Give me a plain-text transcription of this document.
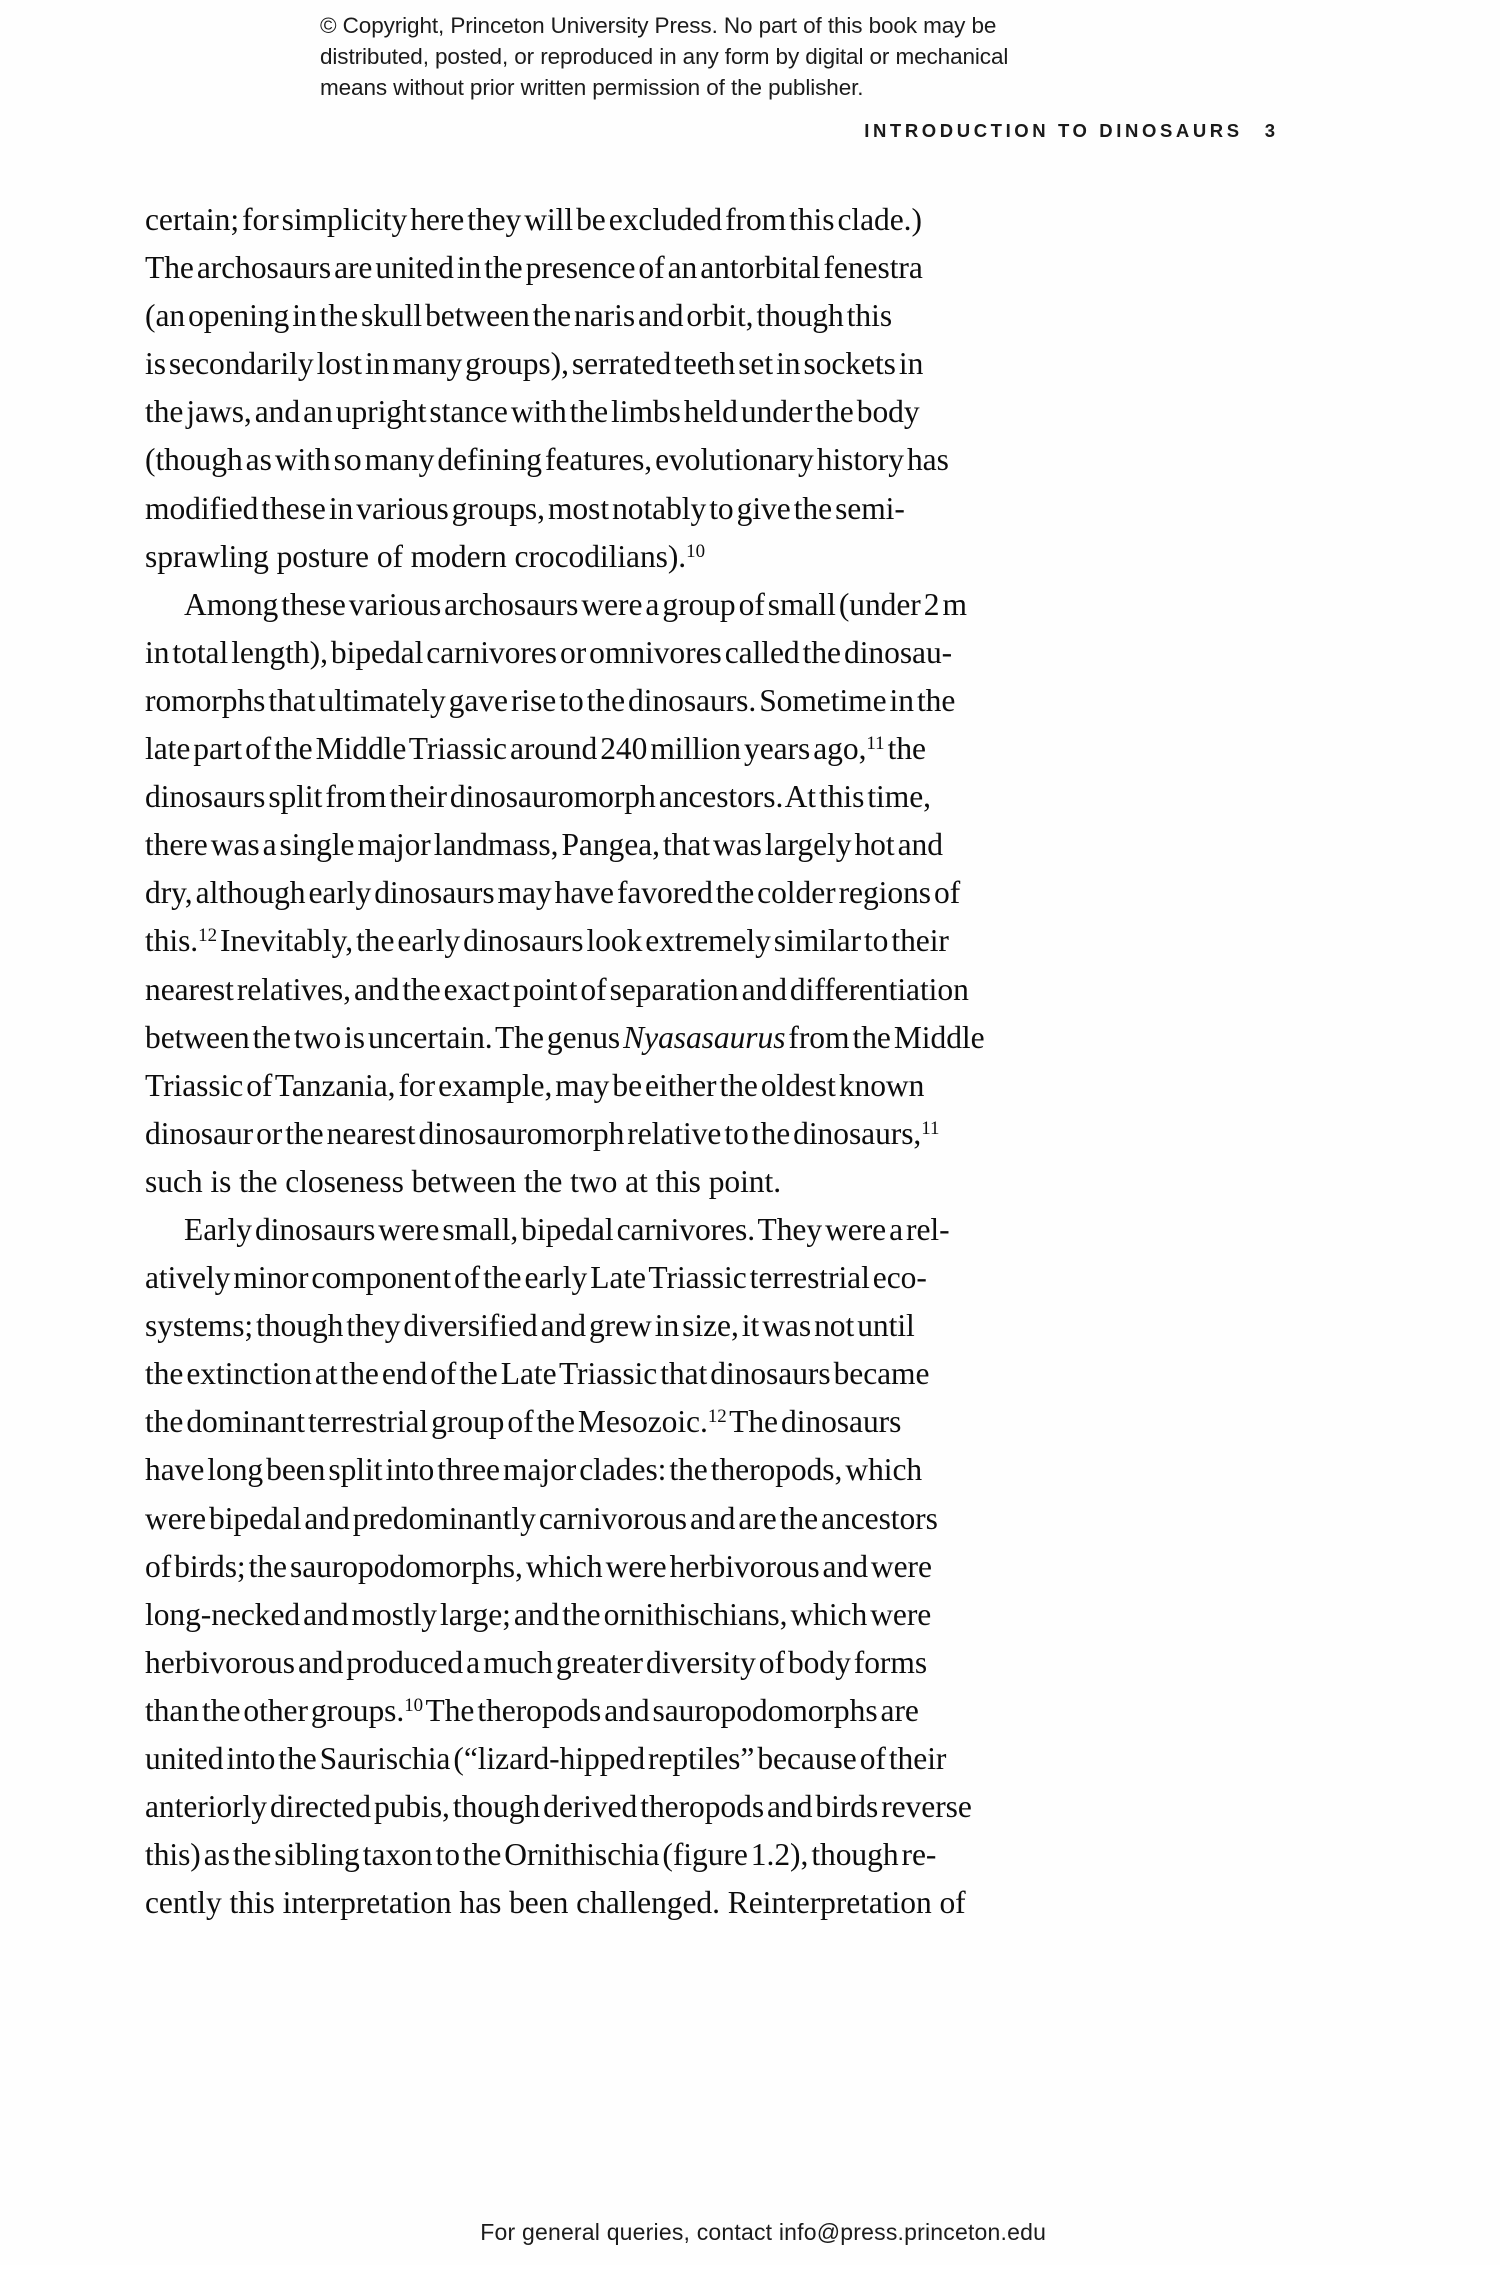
© Copyright, Princeton University Press. No part of this book may be
distributed, posted, or reproduced in any form by digital or mechanical
means without prior written permission of the publisher.
INTRODUCTION TO DINOSAURS 3
certain; for simplicity here they will be excluded from this clade.)
The archosaurs are united in the presence of an antorbital fenestra
(an opening in the skull between the naris and orbit, though this
is secondarily lost in many groups), serrated teeth set in sockets in
the jaws, and an upright stance with the limbs held under the body
(though as with so many defining features, evolutionary history has
modified these in various groups, most notably to give the semi-
sprawling posture of modern crocodilians).$^{10}$
Among these various archosaurs were a group of small (under 2 m
in total length), bipedal carnivores or omnivores called the dinosau-
romorphs that ultimately gave rise to the dinosaurs. Sometime in the
late part of the Middle Triassic around 240 million years ago,$^{11}$ the
dinosaurs split from their dinosauromorph ancestors. At this time,
there was a single major landmass, Pangea, that was largely hot and
dry, although early dinosaurs may have favored the colder regions of
this.$^{12}$ Inevitably, the early dinosaurs look extremely similar to their
nearest relatives, and the exact point of separation and differentiation
between the two is uncertain. The genus Nyasasaurus from the Middle
Triassic of Tanzania, for example, may be either the oldest known
dinosaur or the nearest dinosauromorph relative to the dinosaurs,$^{11}$
such is the closeness between the two at this point.
Early dinosaurs were small, bipedal carnivores. They were a rel-
atively minor component of the early Late Triassic terrestrial eco-
systems; though they diversified and grew in size, it was not until
the extinction at the end of the Late Triassic that dinosaurs became
the dominant terrestrial group of the Mesozoic.$^{12}$ The dinosaurs
have long been split into three major clades: the theropods, which
were bipedal and predominantly carnivorous and are the ancestors
of birds; the sauropodomorphs, which were herbivorous and were
long-necked and mostly large; and the ornithischians, which were
herbivorous and produced a much greater diversity of body forms
than the other groups.$^{10}$ The theropods and sauropodomorphs are
united into the Saurischia (“lizard-hipped reptiles” because of their
anteriorly directed pubis, though derived theropods and birds reverse
this) as the sibling taxon to the Ornithischia (figure 1.2), though re-
cently this interpretation has been challenged. Reinterpretation of

For general queries, contact info@press.princeton.edu
